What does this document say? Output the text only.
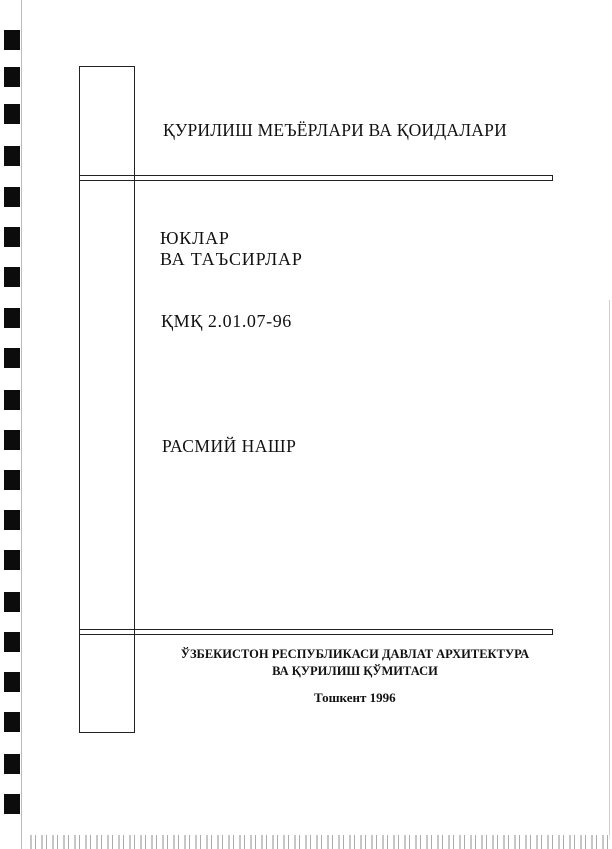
ҚУРИЛИШ МЕЪЁРЛАРИ ВА ҚОИДАЛАРИ
ЮКЛАР
ВА ТАЪСИРЛАР
ҚМҚ 2.01.07-96
РАСМИЙ НАШР
ЎЗБЕКИСТОН РЕСПУБЛИКАСИ ДАВЛАТ АРХИТЕКТУРА
ВА ҚУРИЛИШ ҚЎМИТАСИ
Тошкент 1996
